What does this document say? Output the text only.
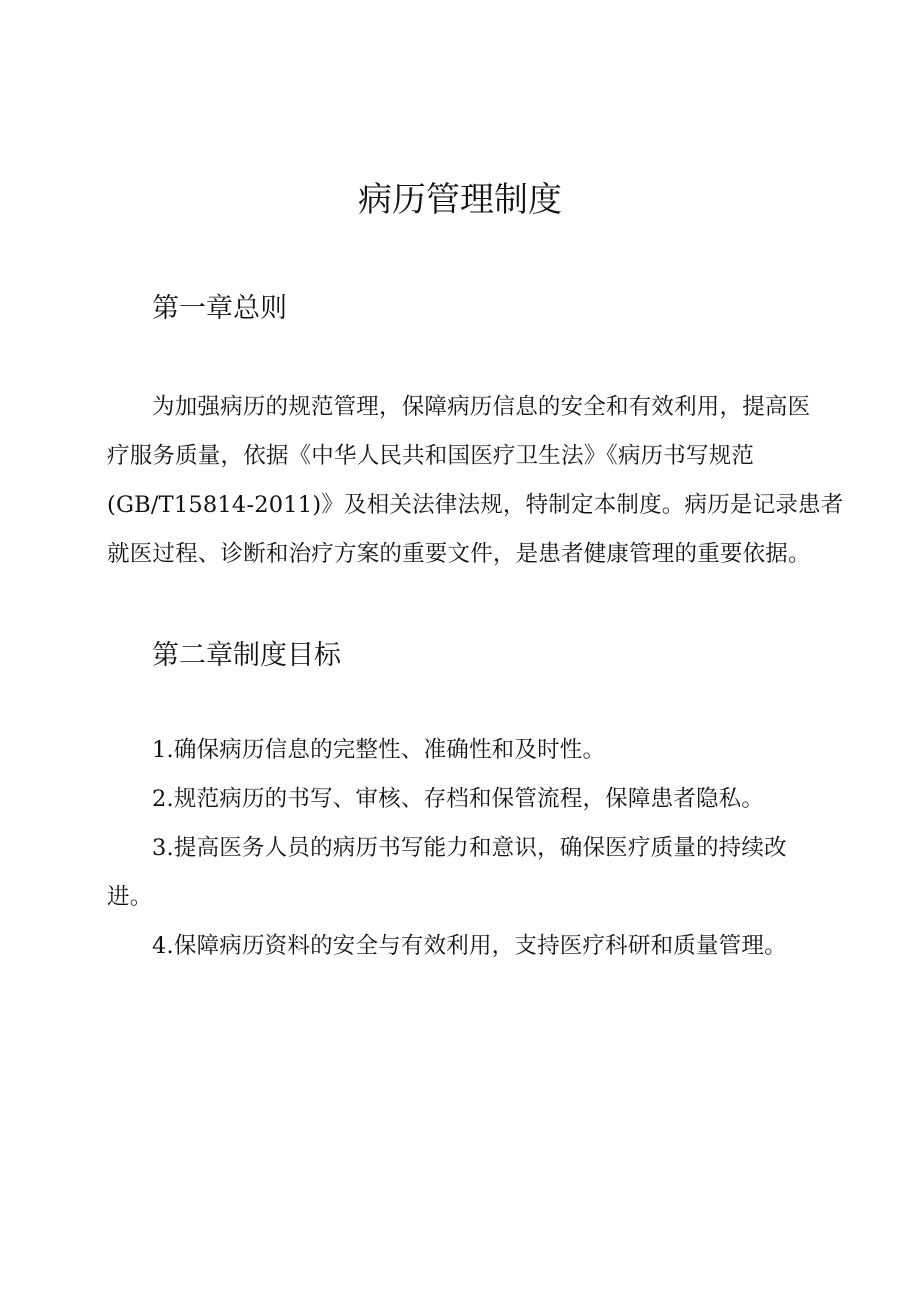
病历管理制度
第一章总则
为加强病历的规范管理，保障病历信息的安全和有效利用，提高医
疗服务质量，依据《中华人民共和国医疗卫生法》《病历书写规范
(GB/T15814-2011)》及相关法律法规，特制定本制度。病历是记录患者
就医过程、诊断和治疗方案的重要文件，是患者健康管理的重要依据。
第二章制度目标
1.确保病历信息的完整性、准确性和及时性。
2.规范病历的书写、审核、存档和保管流程，保障患者隐私。
3.提高医务人员的病历书写能力和意识，确保医疗质量的持续改
进。
4.保障病历资料的安全与有效利用，支持医疗科研和质量管理。
